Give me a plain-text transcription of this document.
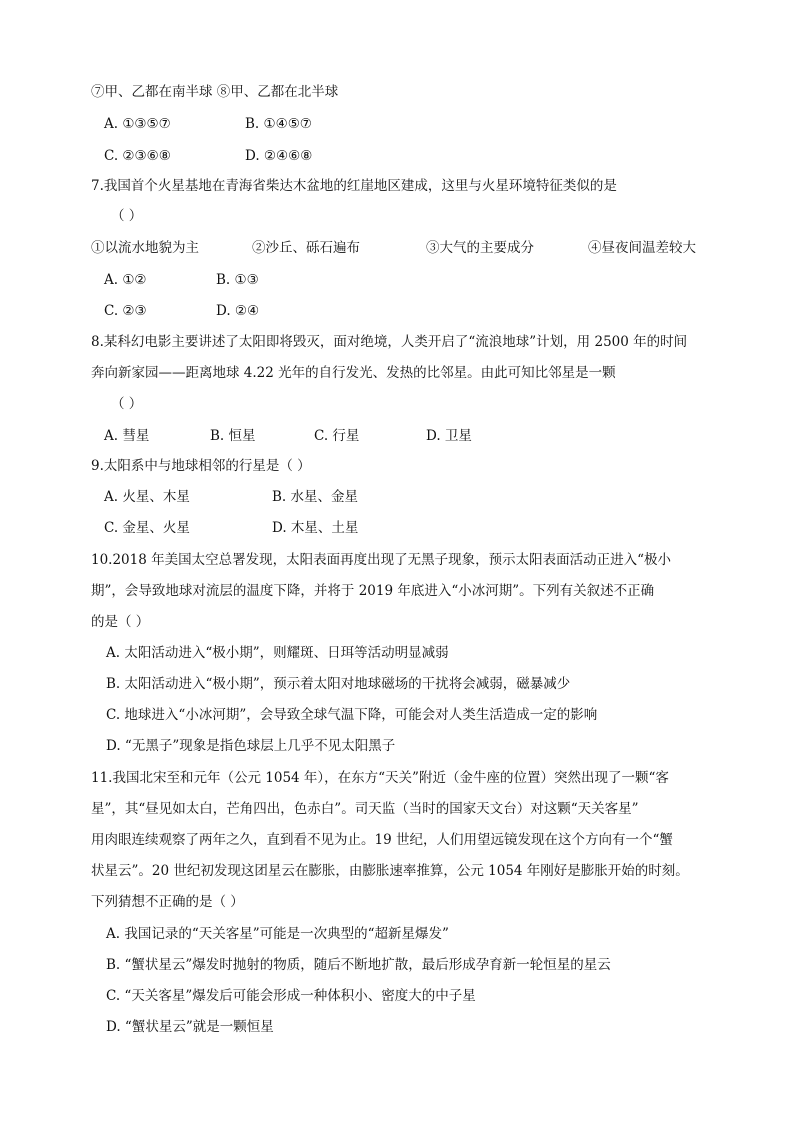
⑦甲、乙都在南半球 ⑧甲、乙都在北半球
A. ①③⑤⑦	B. ①④⑤⑦
C. ②③⑥⑧	D. ②④⑥⑧
7.我国首个火星基地在青海省柴达木盆地的红崖地区建成，这里与火星环境特征类似的是
（ ）
①以流水地貌为主	②沙丘、砾石遍布	③大气的主要成分	④昼夜间温差较大
A. ①②	B. ①③
C. ②③	D. ②④
8.某科幻电影主要讲述了太阳即将毁灭，面对绝境，人类开启了“流浪地球”计划，用 2500 年的时间
奔向新家园——距离地球 4.22 光年的自行发光、发热的比邻星。由此可知比邻星是一颗
（ ）
A. 彗星	B. 恒星	C. 行星	D. 卫星
9.太阳系中与地球相邻的行星是（ ）
A. 火星、木星	B. 水星、金星
C. 金星、火星	D. 木星、土星
10.2018 年美国太空总署发现，太阳表面再度出现了无黑子现象，预示太阳表面活动正进入“极小
期”，会导致地球对流层的温度下降，并将于 2019 年底进入“小冰河期”。下列有关叙述不正确
的是（ ）
A. 太阳活动进入“极小期”，则耀斑、日珥等活动明显减弱
B. 太阳活动进入“极小期”，预示着太阳对地球磁场的干扰将会减弱，磁暴减少
C. 地球进入“小冰河期”，会导致全球气温下降，可能会对人类生活造成一定的影响
D. “无黑子”现象是指色球层上几乎不见太阳黑子
11.我国北宋至和元年（公元 1054 年），在东方“天关”附近（金牛座的位置）突然出现了一颗“客
星”，其“昼见如太白，芒角四出，色赤白”。司天监（当时的国家天文台）对这颗“天关客星”
用肉眼连续观察了两年之久，直到看不见为止。19 世纪，人们用望远镜发现在这个方向有一个“蟹
状星云”。20 世纪初发现这团星云在膨胀，由膨胀速率推算，公元 1054 年刚好是膨胀开始的时刻。
下列猜想不正确的是（ ）
A. 我国记录的“天关客星”可能是一次典型的“超新星爆发”
B. “蟹状星云”爆发时抛射的物质，随后不断地扩散，最后形成孕育新一轮恒星的星云
C. “天关客星”爆发后可能会形成一种体积小、密度大的中子星
D. “蟹状星云”就是一颗恒星
